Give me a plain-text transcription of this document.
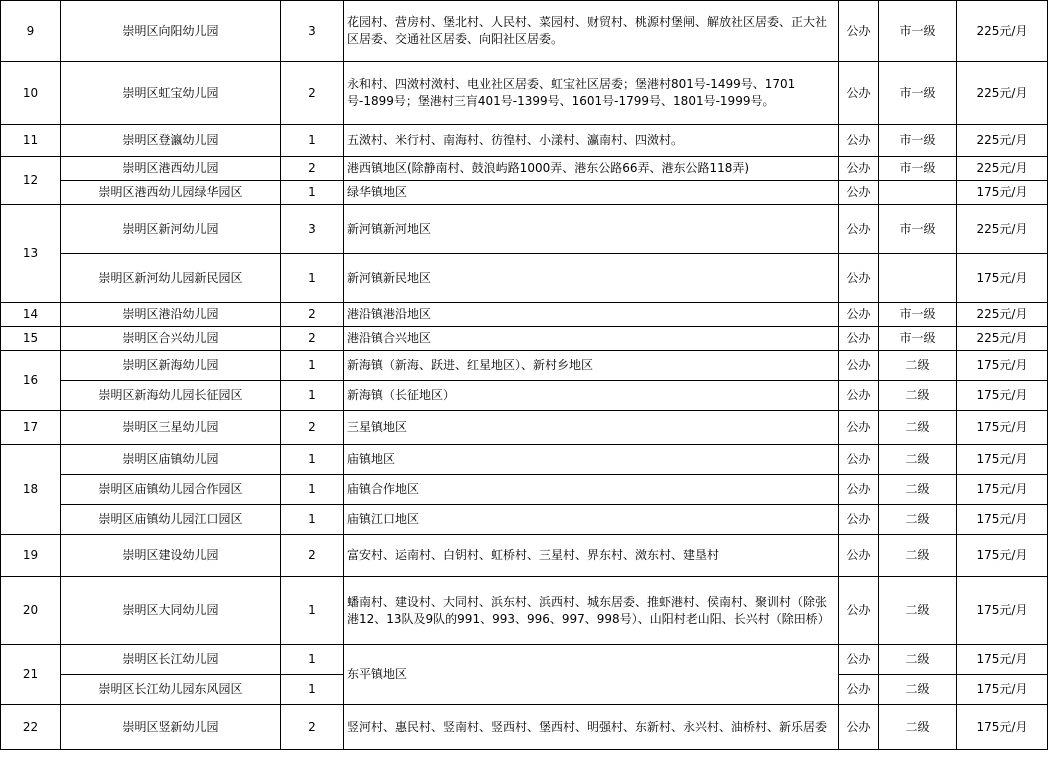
9	崇明区向阳幼儿园	3	花园村、营房村、堡北村、人民村、菜园村、财贸村、桃源村堡闸、解放社区居委、正大社区居委、交通社区居委、向阳社区居委。	公办	市一级	225元/月
10	崇明区虹宝幼儿园	2	永和村、四滧村滧村、电业社区居委、虹宝社区居委；堡港村801号-1499号、1701号-1899号；堡港村三肓401号-1399号、1601号-1799号、1801号-1999号。	公办	市一级	225元/月
11	崇明区登瀛幼儿园	1	五滧村、米行村、南海村、彷徨村、小漾村、瀛南村、四滧村。	公办	市一级	225元/月
12	崇明区港西幼儿园	2	港西镇地区(除静南村、鼓浪屿路1000弄、港东公路66弄、港东公路118弄)	公办	市一级	225元/月
	崇明区港西幼儿园绿华园区	1	绿华镇地区	公办		175元/月
13	崇明区新河幼儿园	3	新河镇新河地区	公办	市一级	225元/月
	崇明区新河幼儿园新民园区	1	新河镇新民地区	公办		175元/月
14	崇明区港沿幼儿园	2	港沿镇港沿地区	公办	市一级	225元/月
15	崇明区合兴幼儿园	2	港沿镇合兴地区	公办	市一级	225元/月
16	崇明区新海幼儿园	1	新海镇（新海、跃进、红星地区）、新村乡地区	公办	二级	175元/月
	崇明区新海幼儿园长征园区	1	新海镇（长征地区）	公办	二级	175元/月
17	崇明区三星幼儿园	2	三星镇地区	公办	二级	175元/月
18	崇明区庙镇幼儿园	1	庙镇地区	公办	二级	175元/月
	崇明区庙镇幼儿园合作园区	1	庙镇合作地区	公办	二级	175元/月
	崇明区庙镇幼儿园江口园区	1	庙镇江口地区	公办	二级	175元/月
19	崇明区建设幼儿园	2	富安村、运南村、白钥村、虹桥村、三星村、界东村、滧东村、建垦村	公办	二级	175元/月
20	崇明区大同幼儿园	1	蟠南村、建设村、大同村、浜东村、浜西村、城东居委、推虾港村、侯南村、聚训村（除张港12、13队及9队的991、993、996、997、998号）、山阳村老山阳、长兴村（除田桥）	公办	二级	175元/月
21	崇明区长江幼儿园	1	东平镇地区	公办	二级	175元/月
	崇明区长江幼儿园东风园区	1		公办	二级	175元/月
22	崇明区竖新幼儿园	2	竖河村、惠民村、竖南村、竖西村、堡西村、明强村、东新村、永兴村、油桥村、新乐居委	公办	二级	175元/月
